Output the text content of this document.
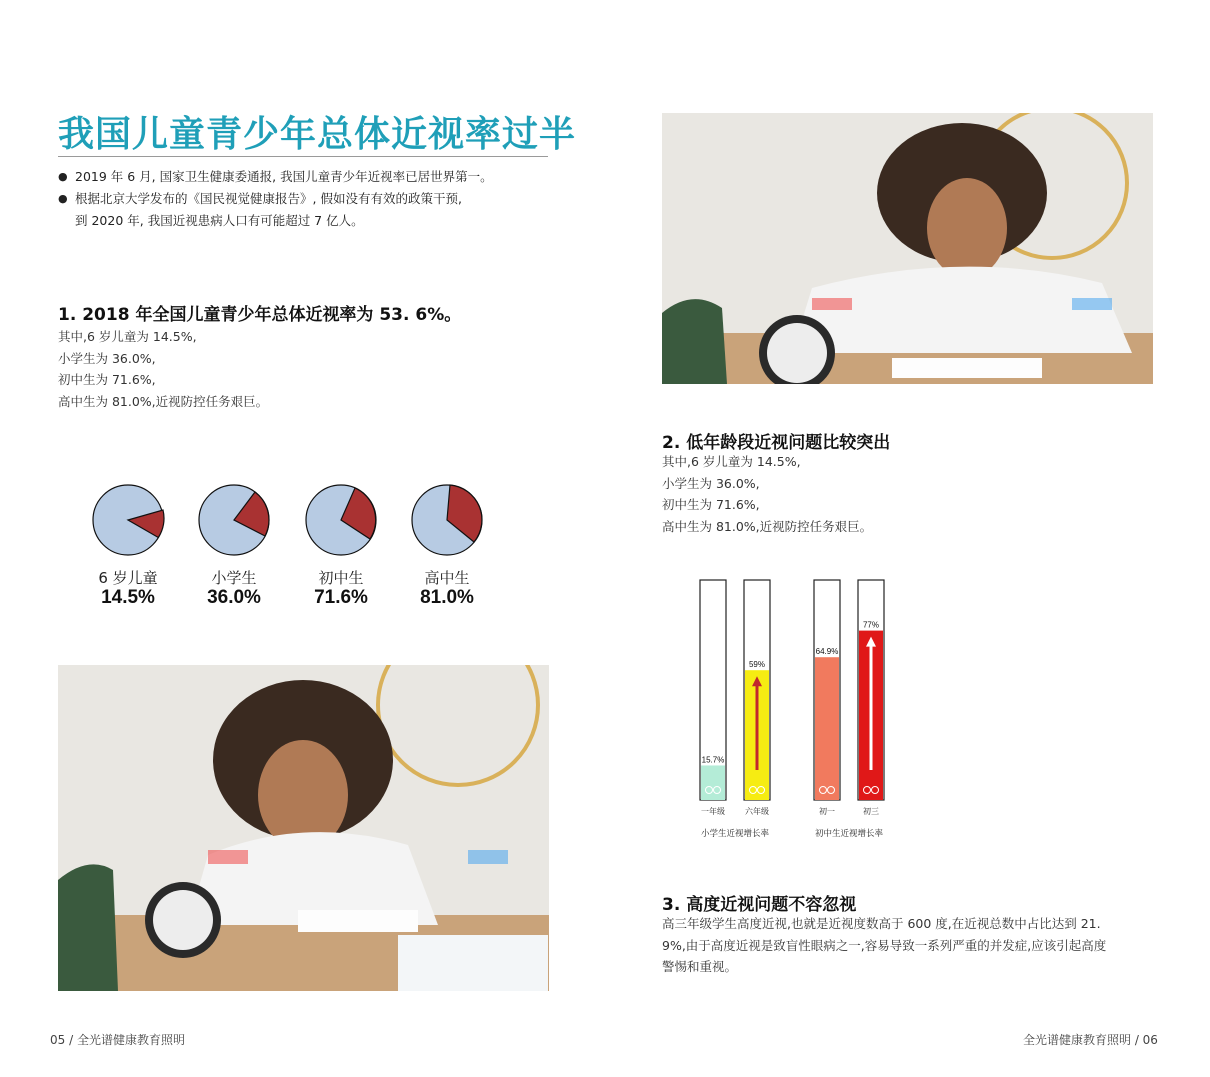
我国儿童青少年总体近视率过半
● 2019 年 6 月, 国家卫生健康委通报, 我国儿童青少年近视率已居世界第一。
● 根据北京大学发布的《国民视觉健康报告》, 假如没有有效的政策干预,
到 2020 年, 我国近视患病人口有可能超过 7 亿人。
1. 2018 年全国儿童青少年总体近视率为 53. 6%。
其中,6 岁儿童为 14.5%,
小学生为 36.0%,
初中生为 71.6%,
高中生为 81.0%,近视防控任务艰巨。
6 岁儿童
14.5%
小学生
36.0%
初中生
71.6%
高中生
81.0%
05 / 全光谱健康教育照明
2. 低年龄段近视问题比较突出
其中,6 岁儿童为 14.5%,
小学生为 36.0%,
初中生为 71.6%,
高中生为 81.0%,近视防控任务艰巨。
15.7%
一年级
59%
六年级
小学生近视增长率
64.9%
初一
77%
初三
初中生近视增长率
3. 高度近视问题不容忽视
高三年级学生高度近视,也就是近视度数高于 600 度,在近视总数中占比达到 21.
9%,由于高度近视是致盲性眼病之一,容易导致一系列严重的并发症,应该引起高度
警惕和重视。
全光谱健康教育照明 / 06
